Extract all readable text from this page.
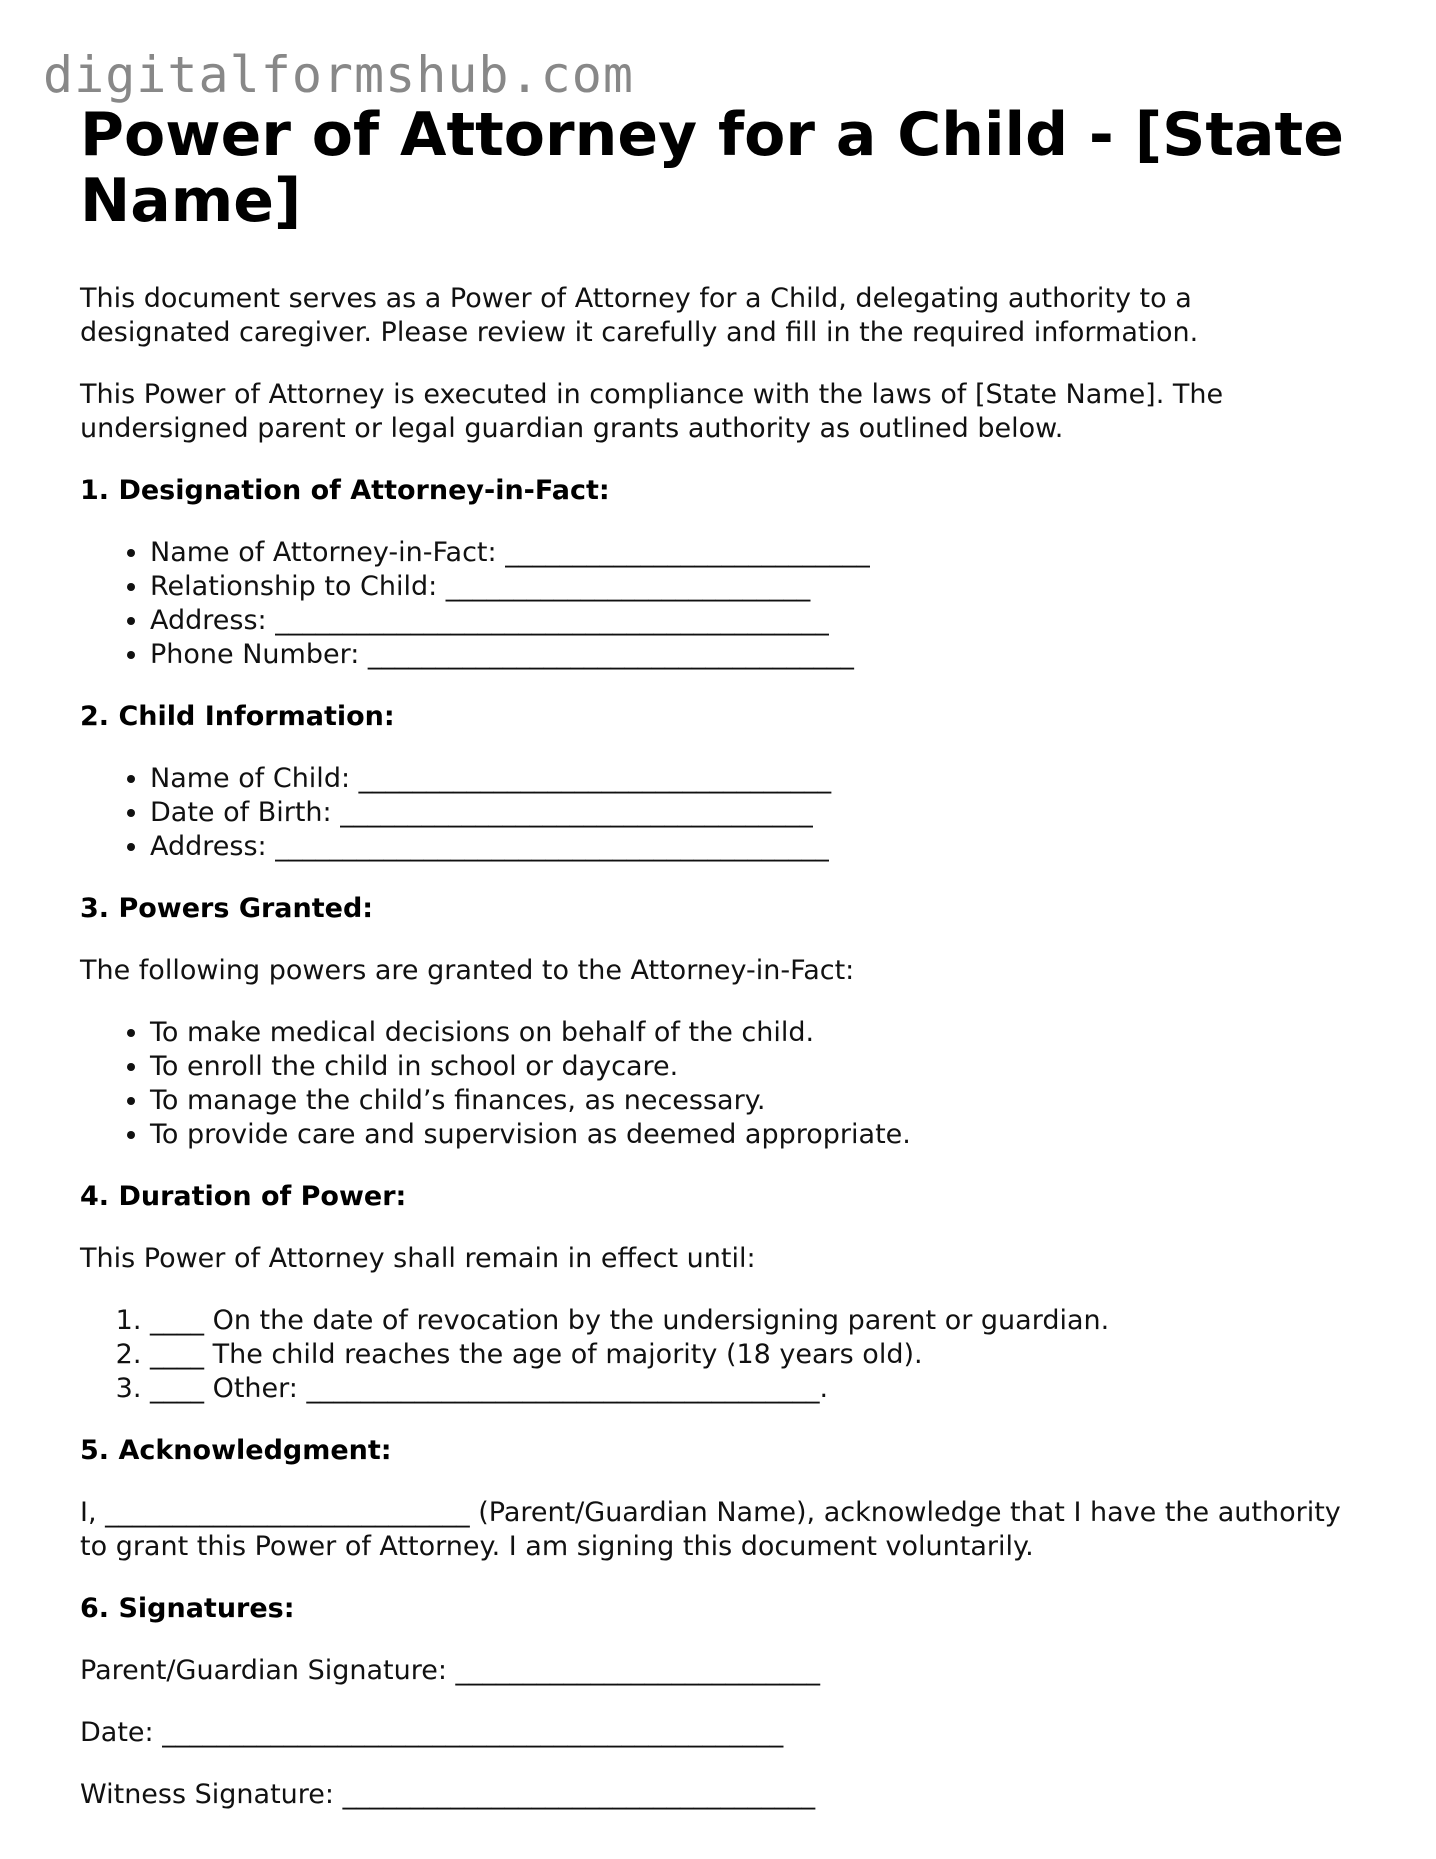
digitalformshub.com
Power of Attorney for a Child - [State Name]

This document serves as a Power of Attorney for a Child, delegating authority to a designated caregiver. Please review it carefully and fill in the required information.

This Power of Attorney is executed in compliance with the laws of [State Name]. The undersigned parent or legal guardian grants authority as outlined below.

1. Designation of Attorney-in-Fact:
• Name of Attorney-in-Fact: ___________________________
• Relationship to Child: ___________________________
• Address: _________________________________________
• Phone Number: ____________________________________
2. Child Information:
• Name of Child: ___________________________________
• Date of Birth: ___________________________________
• Address: _________________________________________
3. Powers Granted:

The following powers are granted to the Attorney-in-Fact:

• To make medical decisions on behalf of the child.
• To enroll the child in school or daycare.
• To manage the child’s finances, as necessary.
• To provide care and supervision as deemed appropriate.
4. Duration of Power:

This Power of Attorney shall remain in effect until:

1. ____ On the date of revocation by the undersigning parent or guardian.
2. ____ The child reaches the age of majority (18 years old).
3. ____ Other: ______________________________________.
5. Acknowledgment:

I, ___________________________ (Parent/Guardian Name), acknowledge that I have the authority to grant this Power of Attorney. I am signing this document voluntarily.

6. Signatures:

Parent/Guardian Signature: ___________________________

Date: ______________________________________________

Witness Signature: ___________________________________
